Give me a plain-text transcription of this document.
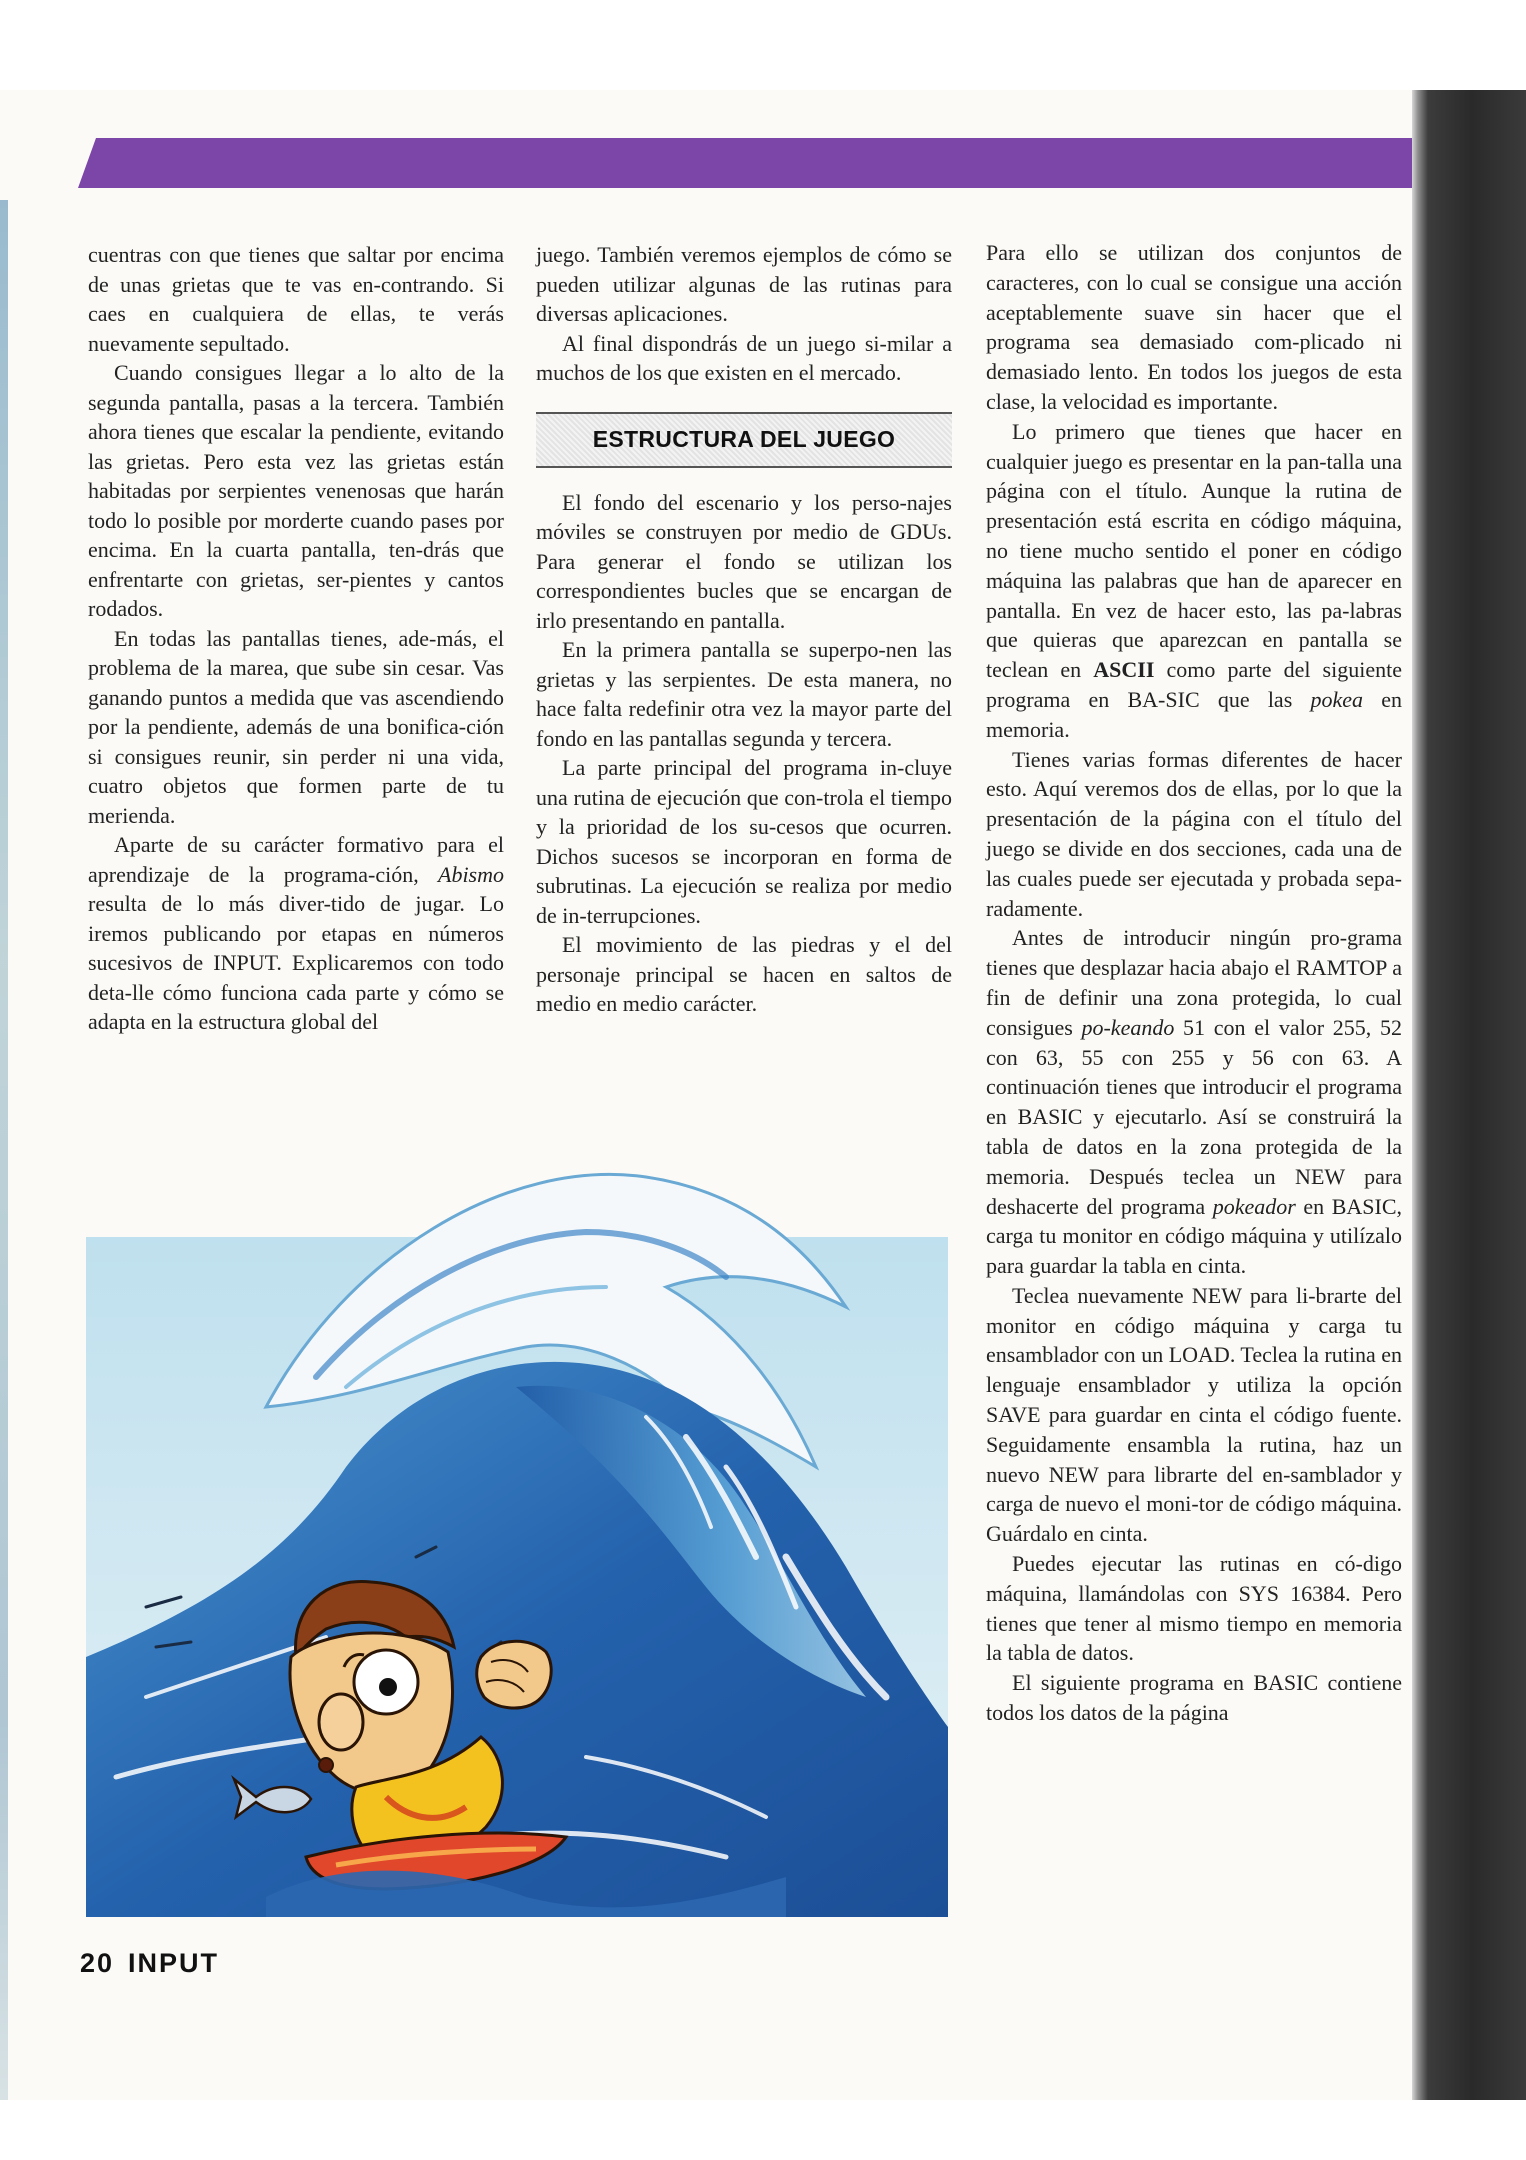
cuentras con que tienes que saltar por encima de unas grietas que te vas en-contrando. Si caes en cualquiera de ellas, te verás nuevamente sepultado.

Cuando consigues llegar a lo alto de la segunda pantalla, pasas a la tercera. También ahora tienes que escalar la pendiente, evitando las grietas. Pero esta vez las grietas están habitadas por serpientes venenosas que harán todo lo posible por morderte cuando pases por encima. En la cuarta pantalla, ten-drás que enfrentarte con grietas, ser-pientes y cantos rodados.

En todas las pantallas tienes, ade-más, el problema de la marea, que sube sin cesar. Vas ganando puntos a medida que vas ascendiendo por la pendiente, además de una bonifica-ción si consigues reunir, sin perder ni una vida, cuatro objetos que formen parte de tu merienda.

Aparte de su carácter formativo para el aprendizaje de la programa-ción, Abismo resulta de lo más diver-tido de jugar. Lo iremos publicando por etapas en números sucesivos de INPUT. Explicaremos con todo deta-lle cómo funciona cada parte y cómo se adapta en la estructura global del

juego. También veremos ejemplos de cómo se pueden utilizar algunas de las rutinas para diversas aplicaciones.

Al final dispondrás de un juego si-milar a muchos de los que existen en el mercado.

ESTRUCTURA DEL JUEGO

El fondo del escenario y los perso-najes móviles se construyen por medio de GDUs. Para generar el fondo se utilizan los correspondientes bucles que se encargan de irlo presentando en pantalla.

En la primera pantalla se superpo-nen las grietas y las serpientes. De esta manera, no hace falta redefinir otra vez la mayor parte del fondo en las pantallas segunda y tercera.

La parte principal del programa in-cluye una rutina de ejecución que con-trola el tiempo y la prioridad de los su-cesos que ocurren. Dichos sucesos se incorporan en forma de subrutinas. La ejecución se realiza por medio de in-terrupciones.

El movimiento de las piedras y el del personaje principal se hacen en saltos de medio en medio carácter.

Para ello se utilizan dos conjuntos de caracteres, con lo cual se consigue una acción aceptablemente suave sin hacer que el programa sea demasiado com-plicado ni demasiado lento. En todos los juegos de esta clase, la velocidad es importante.

Lo primero que tienes que hacer en cualquier juego es presentar en la pan-talla una página con el título. Aunque la rutina de presentación está escrita en código máquina, no tiene mucho sentido el poner en código máquina las palabras que han de aparecer en pantalla. En vez de hacer esto, las pa-labras que quieras que aparezcan en pantalla se teclean en ASCII como parte del siguiente programa en BA-SIC que las pokea en memoria.

Tienes varias formas diferentes de hacer esto. Aquí veremos dos de ellas, por lo que la presentación de la página con el título del juego se divide en dos secciones, cada una de las cuales puede ser ejecutada y probada sepa-radamente.

Antes de introducir ningún pro-grama tienes que desplazar hacia abajo el RAMTOP a fin de definir una zona protegida, lo cual consigues po-keando 51 con el valor 255, 52 con 63, 55 con 255 y 56 con 63. A continuación tienes que introducir el programa en BASIC y ejecutarlo. Así se construirá la tabla de datos en la zona protegida de la memoria. Después teclea un NEW para deshacerte del programa pokeador en BASIC, carga tu monitor en código máquina y utilízalo para guardar la tabla en cinta.

Teclea nuevamente NEW para li-brarte del monitor en código máquina y carga tu ensamblador con un LOAD. Teclea la rutina en lenguaje ensamblador y utiliza la opción SAVE para guardar en cinta el código fuente. Seguidamente ensambla la rutina, haz un nuevo NEW para librarte del en-samblador y carga de nuevo el moni-tor de código máquina. Guárdalo en cinta.

Puedes ejecutar las rutinas en có-digo máquina, llamándolas con SYS 16384. Pero tienes que tener al mismo tiempo en memoria la tabla de datos.

El siguiente programa en BASIC contiene todos los datos de la página

20 INPUT
